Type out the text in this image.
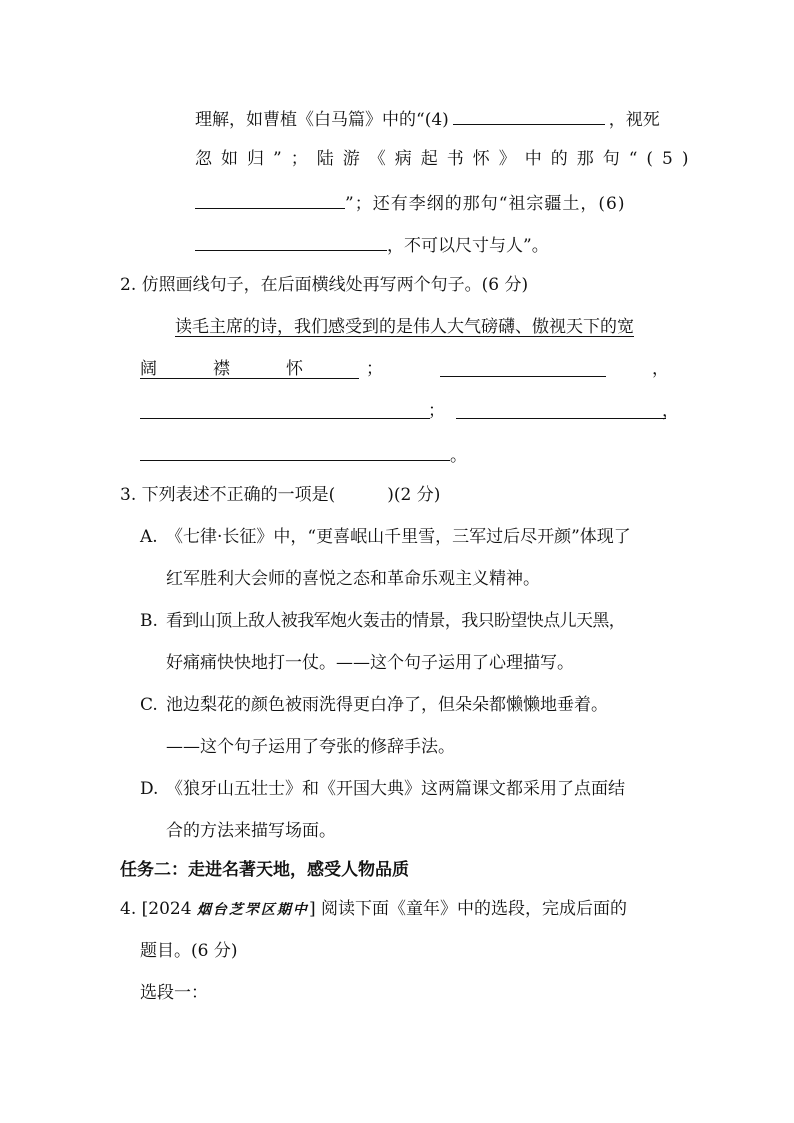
理解，如曹植《白马篇》中的“(4)	，视死
忽如归”；陆游《病起书怀》中的那句“(5)
”；还有李纲的那句“祖宗疆土，(6)
，不可以尺寸与人”。
2. 仿照画线句子，在后面横线处再写两个句子。(6 分)
读毛主席的诗，我们感受到的是伟人大气磅礴、傲视天下的宽
阔襟怀 ；	，
；	，
。
3. 下列表述不正确的一项是(	)(2 分)
A. 《七律·长征》中，“更喜岷山千里雪，三军过后尽开颜”体现了
红军胜利大会师的喜悦之态和革命乐观主义精神。
B. 看到山顶上敌人被我军炮火轰击的情景，我只盼望快点儿天黑，
好痛痛快快地打一仗。——这个句子运用了心理描写。
C. 池边梨花的颜色被雨洗得更白净了，但朵朵都懒懒地垂着。
——这个句子运用了夸张的修辞手法。
D. 《狼牙山五壮士》和《开国大典》这两篇课文都采用了点面结
合的方法来描写场面。
任务二：走进名著天地，感受人物品质
4. [2024 烟台芝罘区期中] 阅读下面《童年》中的选段，完成后面的
题目。(6 分)
选段一：
